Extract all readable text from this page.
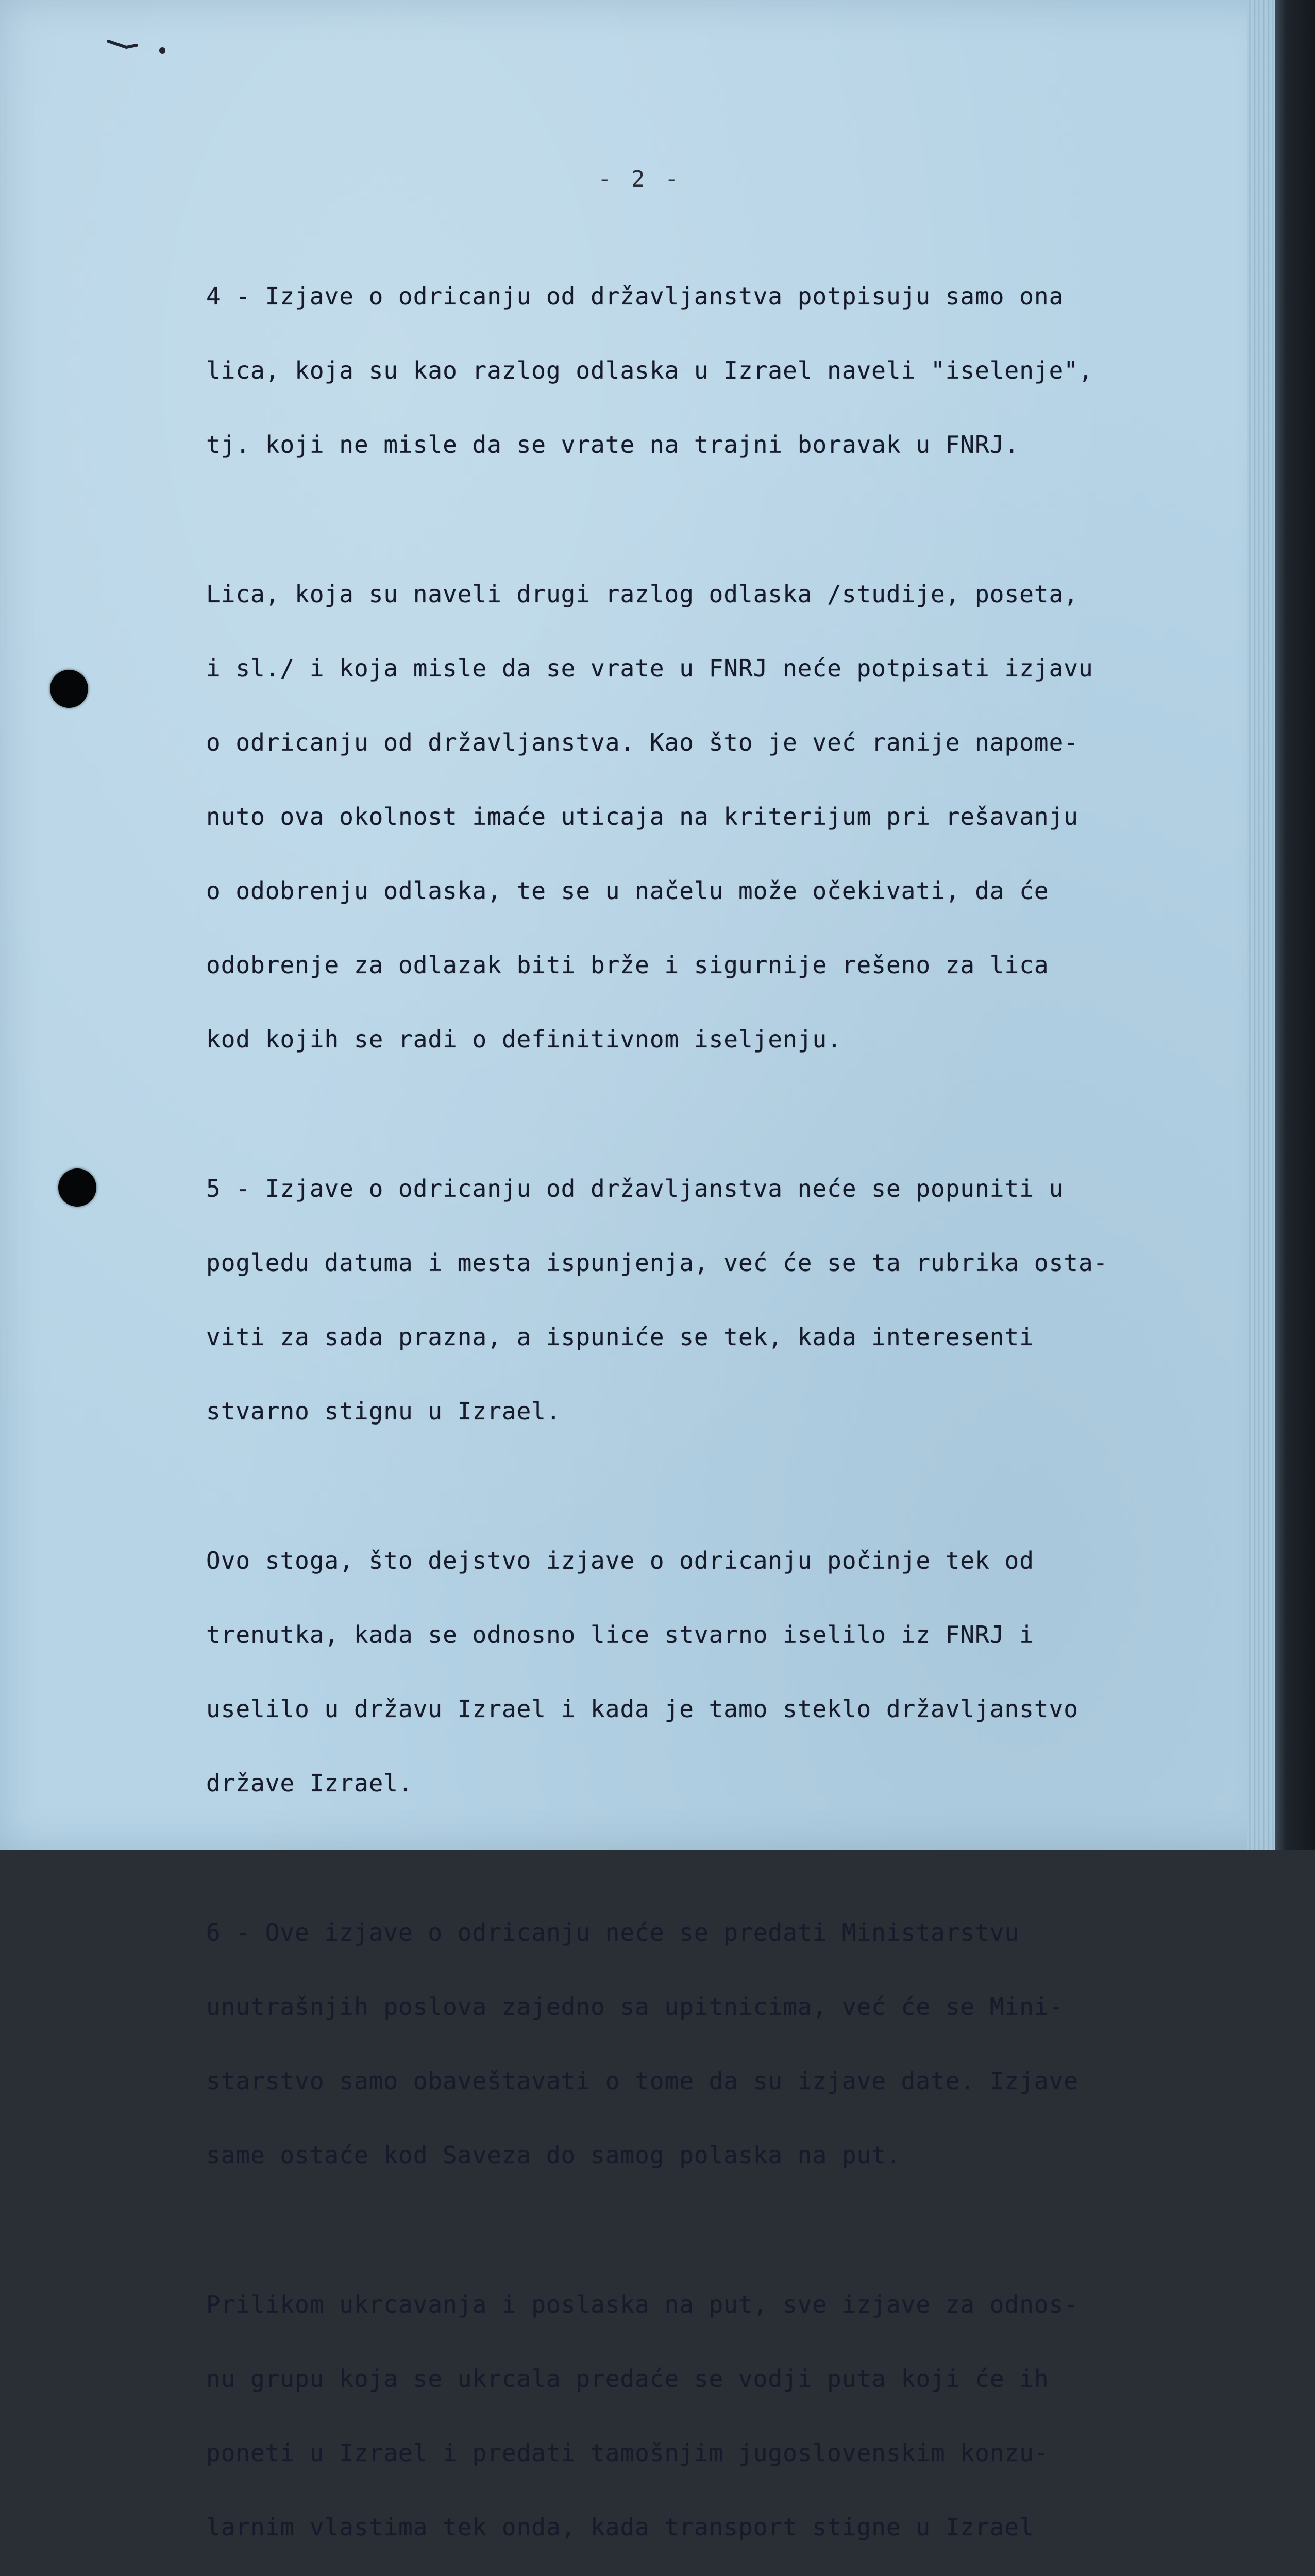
- 2 -

4 - Izjave o odricanju od državljanstva potpisuju samo ona

lica, koja su kao razlog odlaska u Izrael naveli "iselenje",

tj. koji ne misle da se vrate na trajni boravak u FNRJ.

Lica, koja su naveli drugi razlog odlaska /studije, poseta,

i sl./ i koja misle da se vrate u FNRJ neće potpisati izjavu

o odricanju od državljanstva. Kao što je već ranije napome-

nuto ova okolnost imaće uticaja na kriterijum pri rešavanju

o odobrenju odlaska, te se u načelu može očekivati, da će

odobrenje za odlazak biti brže i sigurnije rešeno za lica

kod kojih se radi o definitivnom iseljenju.

5 - Izjave o odricanju od državljanstva neće se popuniti u

pogledu datuma i mesta ispunjenja, već će se ta rubrika osta-

viti za sada prazna, a ispuniće se tek, kada interesenti

stvarno stignu u Izrael.

Ovo stoga, što dejstvo izjave o odricanju počinje tek od

trenutka, kada se odnosno lice stvarno iselilo iz FNRJ i

uselilo u državu Izrael i kada je tamo steklo državljanstvo

države Izrael.

6 - Ove izjave o odricanju neće se predati Ministarstvu

unutrašnjih poslova zajedno sa upitnicima, već će se Mini-

starstvo samo obaveštavati o tome da su izjave date. Izjave

same ostaće kod Saveza do samog polaska na put.

Prilikom ukrcavanja i poslaska na put, sve izjave za odnos-

nu grupu koja se ukrcala predaće se vodji puta koji će ih

poneti u Izrael i predati tamošnjim jugoslovenskim konzu-

larnim vlastima tek onda, kada transport stigne u Izrael
